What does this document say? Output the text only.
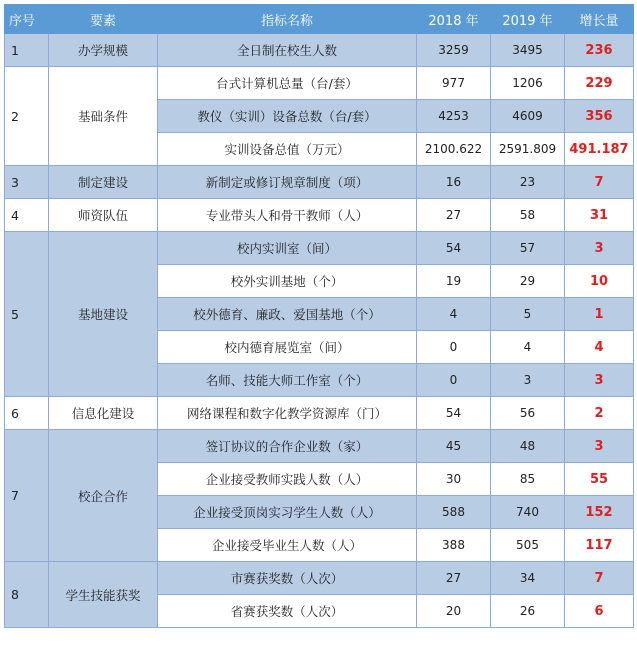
序号	要素	指标名称	2018 年	2019 年	增长量
1	办学规模	全日制在校生人数	3259	3495	236
2	基础条件	台式计算机总量（台/套）	977	1206	229
		教仪（实训）设备总数（台/套）	4253	4609	356
		实训设备总值（万元）	2100.622	2591.809	491.187
3	制定建设	新制定或修订规章制度（项）	16	23	7
4	师资队伍	专业带头人和骨干教师（人）	27	58	31
5	基地建设	校内实训室（间）	54	57	3
		校外实训基地（个）	19	29	10
		校外德育、廉政、爱国基地（个）	4	5	1
		校内德育展览室（间）	0	4	4
		名师、技能大师工作室（个）	0	3	3
6	信息化建设	网络课程和数字化教学资源库（门）	54	56	2
7	校企合作	签订协议的合作企业数（家）	45	48	3
		企业接受教师实践人数（人）	30	85	55
		企业接受顶岗实习学生人数（人）	588	740	152
		企业接受毕业生人数（人）	388	505	117
8	学生技能获奖	市赛获奖数（人次）	27	34	7
		省赛获奖数（人次）	20	26	6
